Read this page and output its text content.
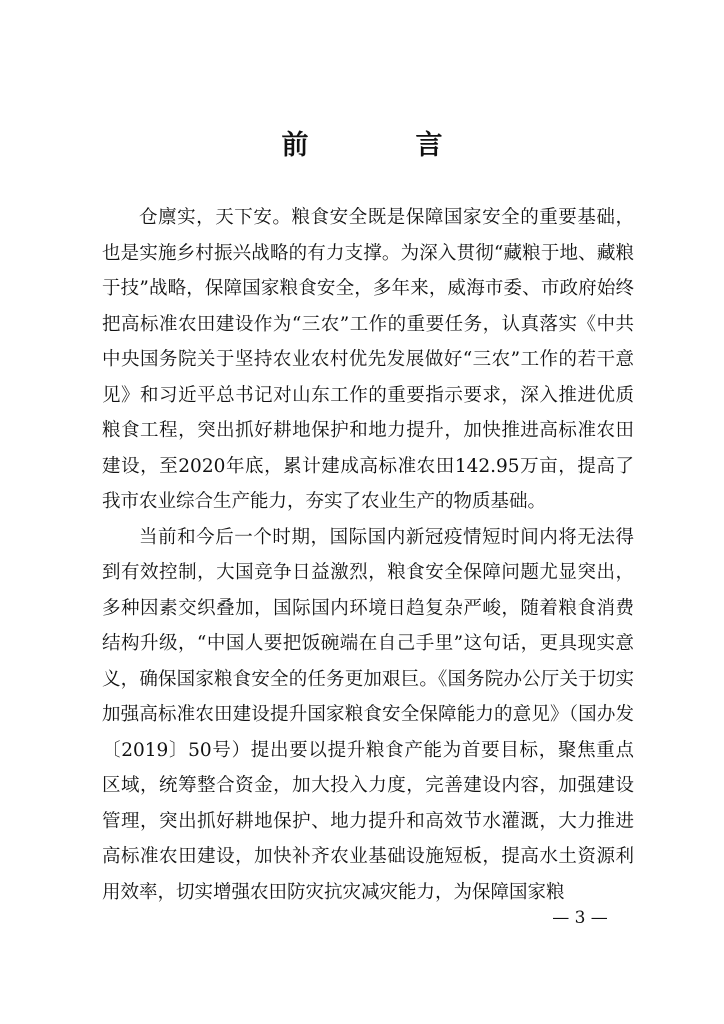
前　言

仓廪实，天下安。粮食安全既是保障国家安全的重要基础，也是实施乡村振兴战略的有力支撑。为深入贯彻“藏粮于地、藏粮于技”战略，保障国家粮食安全，多年来，威海市委、市政府始终把高标准农田建设作为“三农”工作的重要任务，认真落实《中共中央国务院关于坚持农业农村优先发展做好“三农”工作的若干意见》和习近平总书记对山东工作的重要指示要求，深入推进优质粮食工程，突出抓好耕地保护和地力提升，加快推进高标准农田建设，至2020年底，累计建成高标准农田142.95万亩，提高了我市农业综合生产能力，夯实了农业生产的物质基础。

当前和今后一个时期，国际国内新冠疫情短时间内将无法得到有效控制，大国竞争日益激烈，粮食安全保障问题尤显突出，多种因素交织叠加，国际国内环境日趋复杂严峻，随着粮食消费结构升级，“中国人要把饭碗端在自己手里”这句话，更具现实意义，确保国家粮食安全的任务更加艰巨。《国务院办公厅关于切实加强高标准农田建设提升国家粮食安全保障能力的意见》（国办发〔2019〕50号）提出要以提升粮食产能为首要目标，聚焦重点区域，统筹整合资金，加大投入力度，完善建设内容，加强建设管理，突出抓好耕地保护、地力提升和高效节水灌溉，大力推进高标准农田建设，加快补齐农业基础设施短板，提高水土资源利用效率，切实增强农田防灾抗灾减灾能力，为保障国家粮

— 3 —
